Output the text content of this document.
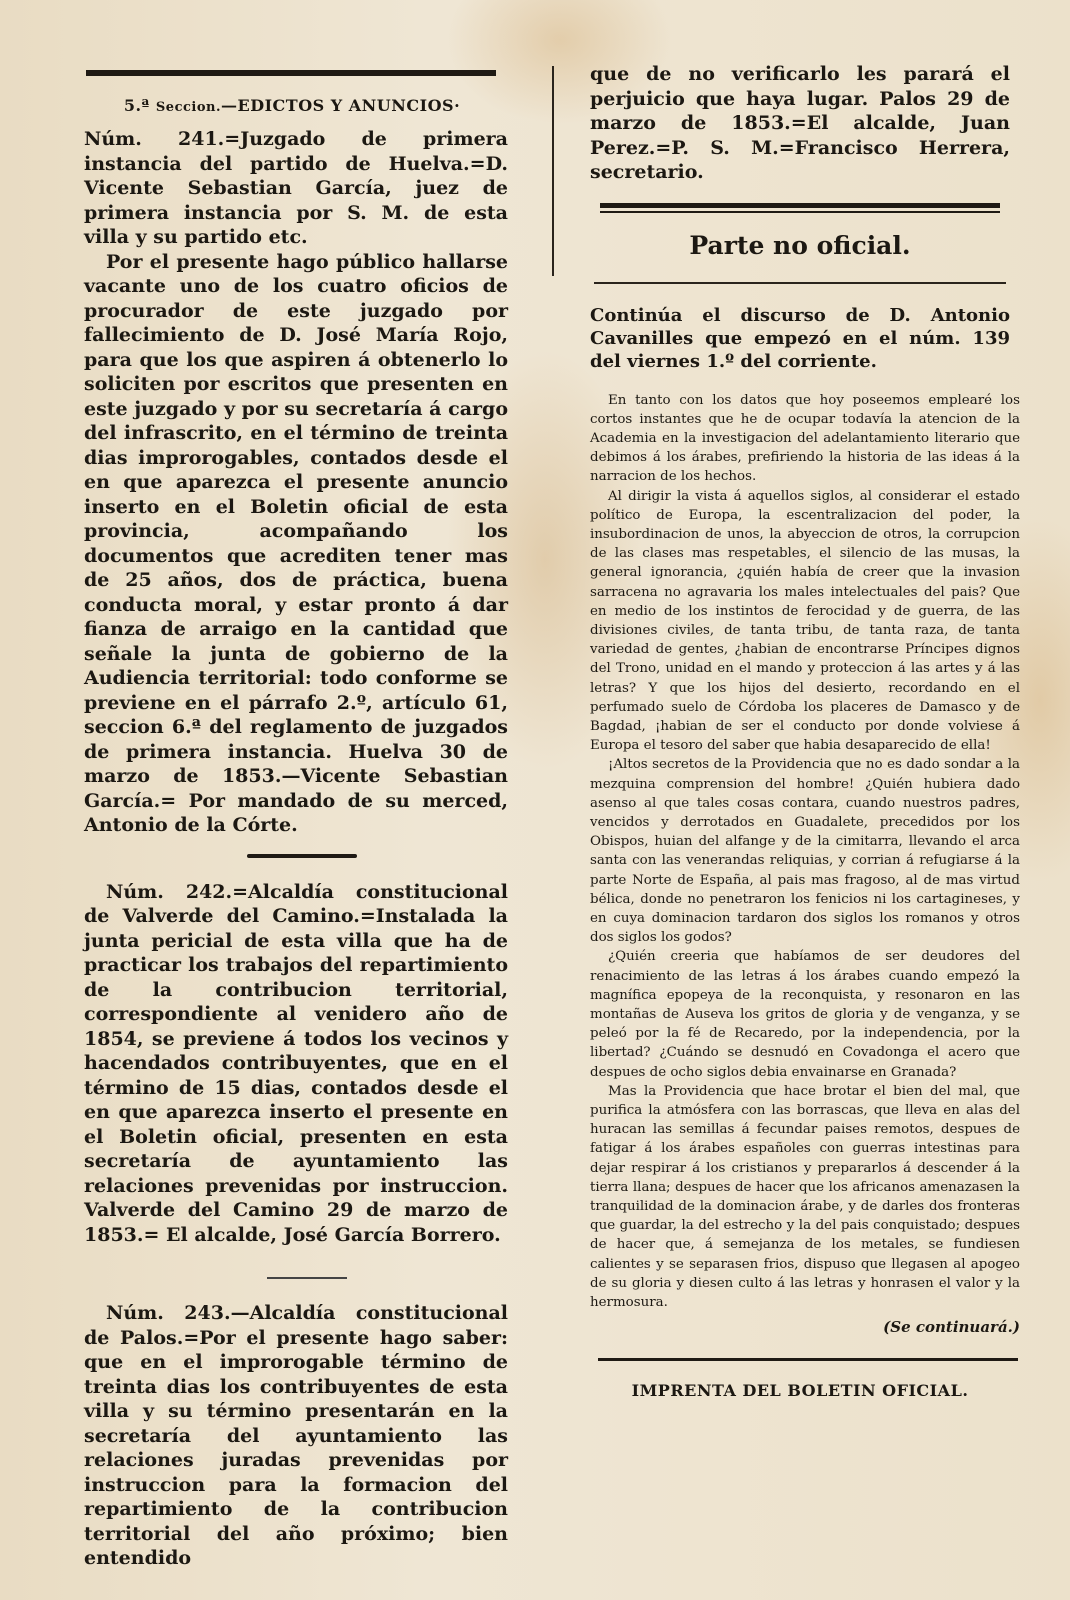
5.ª Seccion.—EDICTOS Y ANUNCIOS·

Núm. 241.=Juzgado de primera instancia del partido de Huelva.=D. Vicente Sebastian García, juez de primera instancia por S. M. de esta villa y su partido etc.

Por el presente hago público hallarse vacante uno de los cuatro oficios de procurador de este juzgado por fallecimiento de D. José María Rojo, para que los que aspiren á obtenerlo lo soliciten por escritos que presenten en este juzgado y por su secretaría á cargo del infrascrito, en el término de treinta dias improrogables, contados desde el en que aparezca el presente anuncio inserto en el Boletin oficial de esta provincia, acompañando los documentos que acrediten tener mas de 25 años, dos de práctica, buena conducta moral, y estar pronto á dar fianza de arraigo en la cantidad que señale la junta de gobierno de la Audiencia territorial: todo conforme se previene en el párrafo 2.º, artículo 61, seccion 6.ª del reglamento de juzgados de primera instancia. Huelva 30 de marzo de 1853.—Vicente Sebastian García.= Por mandado de su merced, Antonio de la Córte.

Núm. 242.=Alcaldía constitucional de Valverde del Camino.=Instalada la junta pericial de esta villa que ha de practicar los trabajos del repartimiento de la contribucion territorial, correspondiente al venidero año de 1854, se previene á todos los vecinos y hacendados contribuyentes, que en el término de 15 dias, contados desde el en que aparezca inserto el presente en el Boletin oficial, presenten en esta secretaría de ayuntamiento las relaciones prevenidas por instruccion. Valverde del Camino 29 de marzo de 1853.= El alcalde, José García Borrero.

Núm. 243.—Alcaldía constitucional de Palos.=Por el presente hago saber: que en el improrogable término de treinta dias los contribuyentes de esta villa y su término presentarán en la secretaría del ayuntamiento las relaciones juradas prevenidas por instruccion para la formacion del repartimiento de la contribucion territorial del año próximo; bien entendido

que de no verificarlo les parará el perjuicio que haya lugar. Palos 29 de marzo de 1853.=El alcalde, Juan Perez.=P. S. M.=Francisco Herrera, secretario.

Parte no oficial.

Continúa el discurso de D. Antonio Cavanilles que empezó en el núm. 139 del viernes 1.º del corriente.

En tanto con los datos que hoy poseemos emplearé los cortos instantes que he de ocupar todavía la atencion de la Academia en la investigacion del adelantamiento literario que debimos á los árabes, prefiriendo la historia de las ideas á la narracion de los hechos.

Al dirigir la vista á aquellos siglos, al considerar el estado político de Europa, la escentralizacion del poder, la insubordinacion de unos, la abyeccion de otros, la corrupcion de las clases mas respetables, el silencio de las musas, la general ignorancia, ¿quién había de creer que la invasion sarracena no agravaria los males intelectuales del pais? Que en medio de los instintos de ferocidad y de guerra, de las divisiones civiles, de tanta tribu, de tanta raza, de tanta variedad de gentes, ¿habian de encontrarse Príncipes dignos del Trono, unidad en el mando y proteccion á las artes y á las letras? Y que los hijos del desierto, recordando en el perfumado suelo de Córdoba los placeres de Damasco y de Bagdad, ¡habian de ser el conducto por donde volviese á Europa el tesoro del saber que habia desaparecido de ella!

¡Altos secretos de la Providencia que no es dado sondar a la mezquina comprension del hombre! ¿Quién hubiera dado asenso al que tales cosas contara, cuando nuestros padres, vencidos y derrotados en Guadalete, precedidos por los Obispos, huian del alfange y de la cimitarra, llevando el arca santa con las venerandas reliquias, y corrian á refugiarse á la parte Norte de España, al pais mas fragoso, al de mas virtud bélica, donde no penetraron los fenicios ni los cartagineses, y en cuya dominacion tardaron dos siglos los romanos y otros dos siglos los godos?

¿Quién creeria que habíamos de ser deudores del renacimiento de las letras á los árabes cuando empezó la magnífica epopeya de la reconquista, y resonaron en las montañas de Auseva los gritos de gloria y de venganza, y se peleó por la fé de Recaredo, por la independencia, por la libertad? ¿Cuándo se desnudó en Covadonga el acero que despues de ocho siglos debia envainarse en Granada?

Mas la Providencia que hace brotar el bien del mal, que purifica la atmósfera con las borrascas, que lleva en alas del huracan las semillas á fecundar paises remotos, despues de fatigar á los árabes españoles con guerras intestinas para dejar respirar á los cristianos y prepararlos á descender á la tierra llana; despues de hacer que los africanos amenazasen la tranquilidad de la dominacion árabe, y de darles dos fronteras que guardar, la del estrecho y la del pais conquistado; despues de hacer que, á semejanza de los metales, se fundiesen calientes y se separasen frios, dispuso que llegasen al apogeo de su gloria y diesen culto á las letras y honrasen el valor y la hermosura.

(Se continuará.)
IMPRENTA DEL BOLETIN OFICIAL.
